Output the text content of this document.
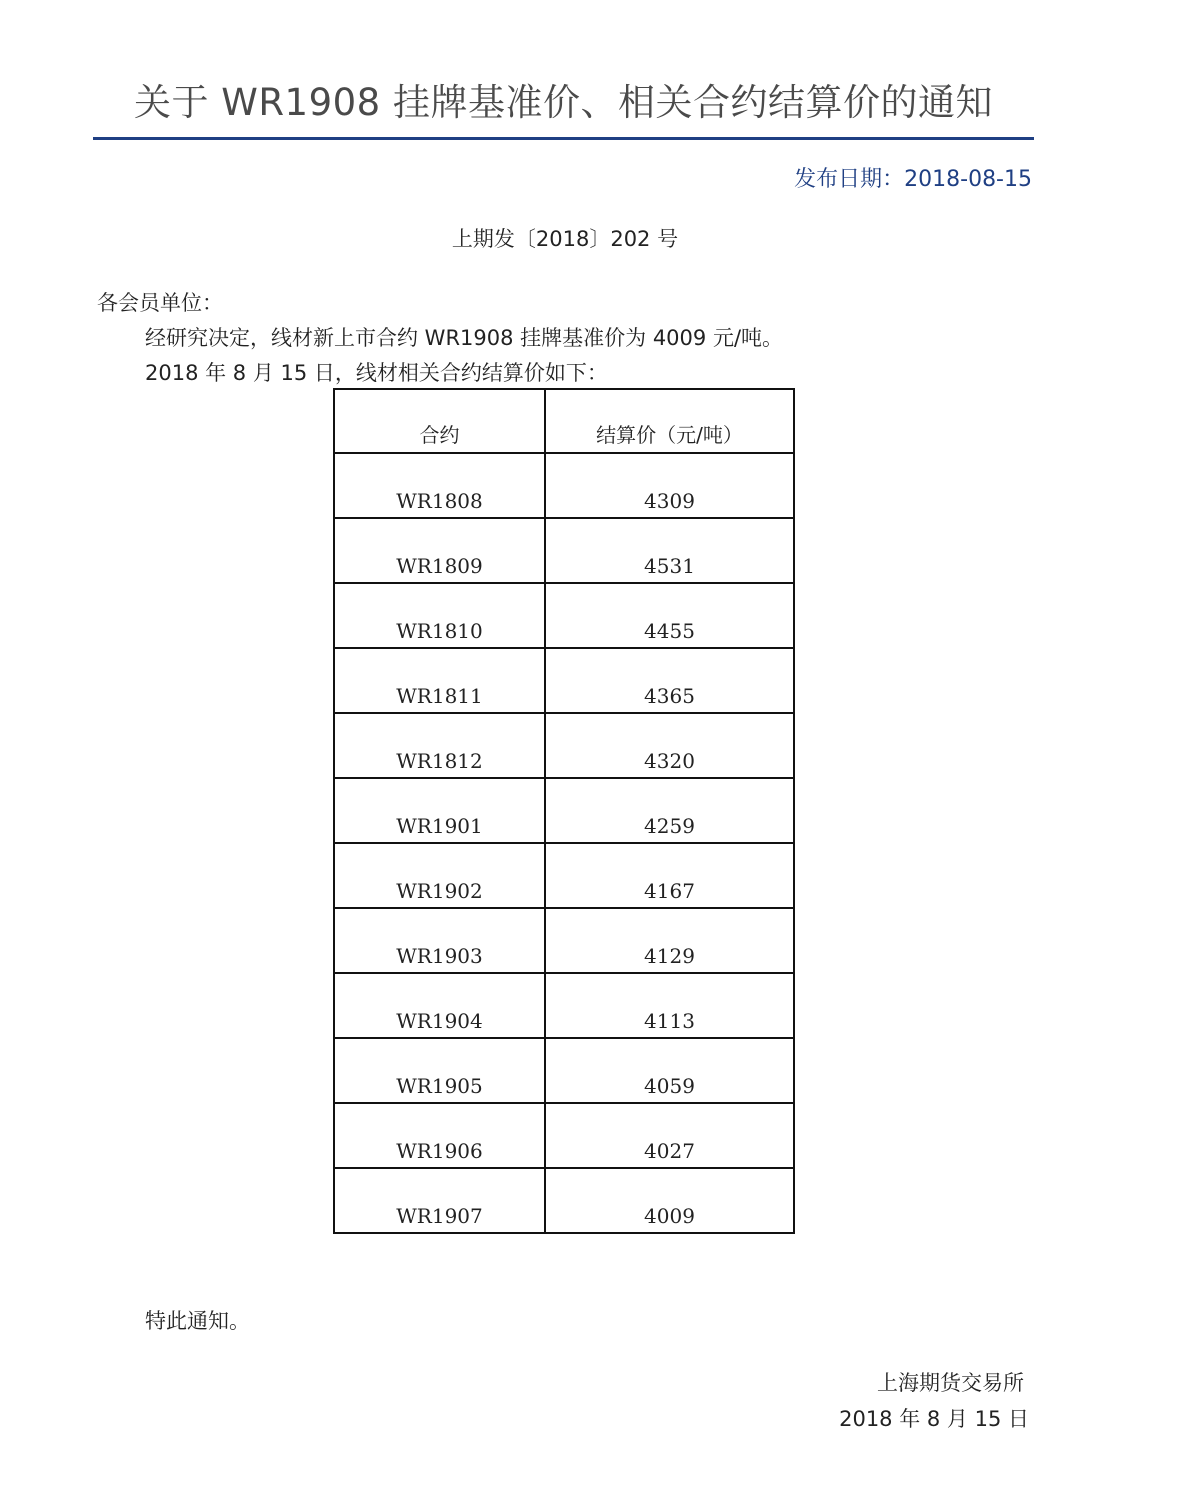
关于 WR1908 挂牌基准价、相关合约结算价的通知
发布日期：2018-08-15
上期发〔2018〕202 号
各会员单位：
经研究决定，线材新上市合约 WR1908 挂牌基准价为 4009 元/吨。
2018 年 8 月 15 日，线材相关合约结算价如下：
合约	结算价（元/吨）
WR1808	4309
WR1809	4531
WR1810	4455
WR1811	4365
WR1812	4320
WR1901	4259
WR1902	4167
WR1903	4129
WR1904	4113
WR1905	4059
WR1906	4027
WR1907	4009
特此通知。
上海期货交易所
2018 年 8 月 15 日
